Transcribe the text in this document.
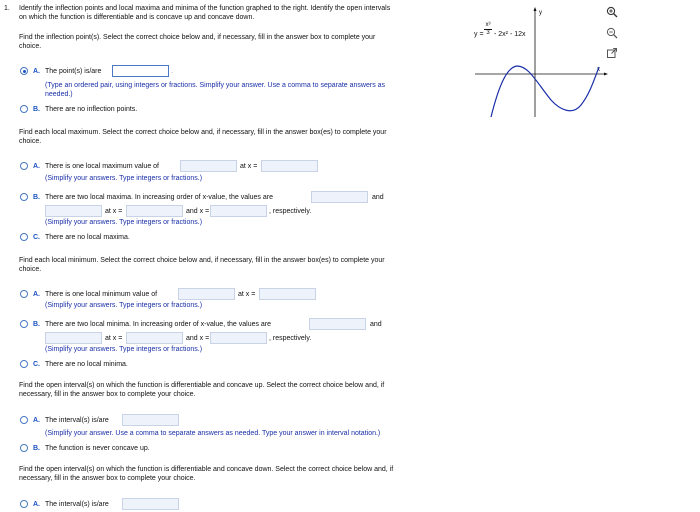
1. Identify the inflection points and local maxima and minima of the function graphed to the right. Identify the open intervals
on which the function is differentiable and is concave up and concave down.
Find the inflection point(s). Select the correct choice below and, if necessary, fill in the answer box to complete your
choice.
A. The point(s) is/are	.
(Type an ordered pair, using integers or fractions. Simplify your answer. Use a comma to separate answers as
needed.)
B. There are no inflection points.
Find each local maximum. Select the correct choice below and, if necessary, fill in the answer box(es) to complete your
choice.
A. There is one local maximum value of	at x =
(Simplify your answers. Type integers or fractions.)
B. There are two local maxima. In increasing order of x-value, the values are	and
at x =	and x =	, respectively.
(Simplify your answers. Type integers or fractions.)
C. There are no local maxima.
Find each local minimum. Select the correct choice below and, if necessary, fill in the answer box(es) to complete your
choice.
A. There is one local minimum value of	at x =
(Simplify your answers. Type integers or fractions.)
B. There are two local minima. In increasing order of x-value, the values are	and
at x =	and x =	, respectively.
(Simplify your answers. Type integers or fractions.)
C. There are no local minima.
Find the open interval(s) on which the function is differentiable and concave up. Select the correct choice below and, if
necessary, fill in the answer box to complete your choice.
A. The interval(s) is/are
(Simplify your answer. Use a comma to separate answers as needed. Type your answer in interval notation.)
B. The function is never concave up.
Find the open interval(s) on which the function is differentiable and concave down. Select the correct choice below and, if
necessary, fill in the answer box to complete your choice.
A. The interval(s) is/are
$y = \frac{\text{x³}}{3} - 2x^2 - 12x$
y
x
